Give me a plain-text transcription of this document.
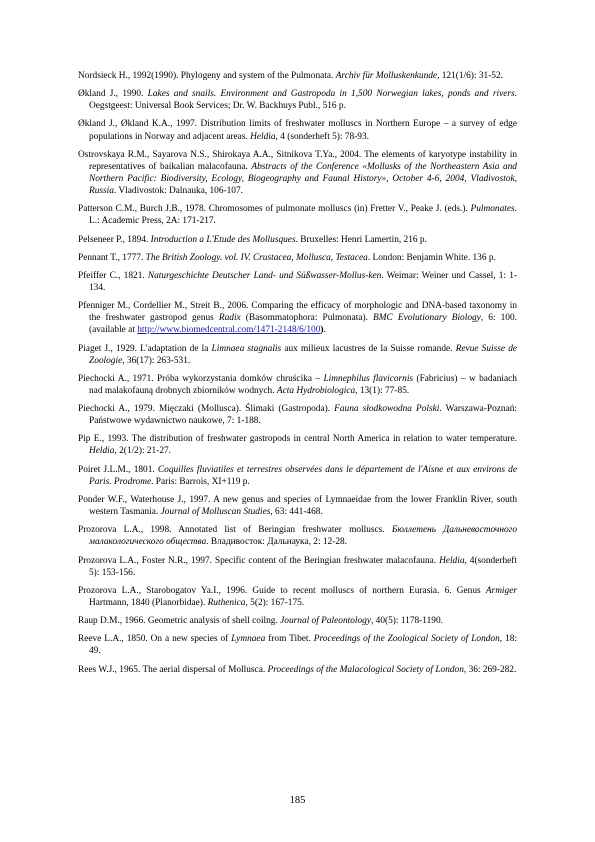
Nordsieck H., 1992(1990). Phylogeny and system of the Pulmonata. Archiv für Molluskenkunde, 121(1/6): 31-52.

Økland J., 1990. Lakes and snails. Environment and Gastropoda in 1,500 Norwegian lakes, ponds and rivers. Oegstgeest: Universal Book Services; Dr. W. Backhuys Publ., 516 p.

Økland J., Økland K.A., 1997. Distribution limits of freshwater molluscs in Northern Europe – a survey of edge populations in Norway and adjacent areas. Heldia, 4 (sonderheft 5): 78-93.

Ostrovskaya R.M., Sayarova N.S., Shirokaya A.A., Sitnikova T.Ya., 2004. The elements of karyotype instability in representatives of baikalian malacofauna. Abstracts of the Conference «Mollusks of the Northeastern Asia and Northern Pacific: Biodiversity, Ecology, Biogeography and Faunal History», October 4-6, 2004, Vladivostok, Russia. Vladivostok: Dalnauka, 106-107.

Patterson C.M., Burch J.B., 1978. Chromosomes of pulmonate molluscs (in) Fretter V., Peake J. (eds.). Pulmonates. L.: Academic Press, 2A: 171-217.

Pelseneer P., 1894. Introduction a L'Etude des Mollusques. Bruxelles: Henri Lamertin, 216 p.

Pennant T., 1777. The British Zoology. vol. IV. Crustacea, Mollusca, Testacea. London: Benjamin White. 136 p.

Pfeiffer C., 1821. Naturgeschichte Deutscher Land- und Süßwasser-Mollus-ken. Weimar: Weiner und Cassel, 1: 1-134.

Pfenniger M., Cordellier M., Streit B., 2006. Comparing the efficacy of morphologic and DNA-based taxonomy in the freshwater gastropod genus Radix (Basommatophora: Pulmonata). BMC Evolutionary Biology, 6: 100. (available at http://www.biomedcentral.com/1471-2148/6/100).

Piaget J., 1929. L'adaptation de la Limnaea stagnalis aux milieux lacustres de la Suisse romande. Revue Suisse de Zoologie, 36(17): 263-531.

Piechocki A., 1971. Próba wykorzystania domków chruścika – Limnephilus flavicornis (Fabricius) – w badaniach nad malakofauną drobnych zbiorników wodnych. Acta Hydrobiologica, 13(1): 77-85.

Piechocki A., 1979. Mięczaki (Mollusca). Ślimaki (Gastropoda). Fauna słodkowodna Polski. Warszawa-Poznań: Państwowe wydawnictwo naukowe, 7: 1-188.

Pip E., 1993. The distribution of freshwater gastropods in central North America in relation to water temperature. Heldia, 2(1/2): 21-27.

Poiret J.L.M., 1801. Coquilles fluviatiles et terrestres observées dans le département de l'Aisne et aux environs de Paris. Prodrome. Paris: Barrois, XI+119 p.

Ponder W.F., Waterhouse J., 1997. A new genus and species of Lymnaeidae from the lower Franklin River, south western Tasmania. Journal of Molluscan Studies, 63: 441-468.

Prozorova L.A., 1998. Annotated list of Beringian freshwater molluscs. Бюллетень Дальневосточного малакологического общества. Владивосток: Дальнаука, 2: 12-28.

Prozorova L.A., Foster N.R., 1997. Specific content of the Beringian freshwater malacofauna. Heldia, 4(sonderheft 5): 153-156.

Prozorova L.A., Starobogatov Ya.I., 1996. Guide to recent molluscs of northern Eurasia. 6. Genus Armiger Hartmann, 1840 (Planorbidae). Ruthenica, 5(2): 167-175.

Raup D.M., 1966. Geometric analysis of shell coilng. Journal of Paleontology, 40(5): 1178-1190.

Reeve L.A., 1850. On a new species of Lymnaea from Tibet. Proceedings of the Zoological Society of London, 18: 49.

Rees W.J., 1965. The aerial dispersal of Mollusca. Proceedings of the Malacological Society of London, 36: 269-282.

185
